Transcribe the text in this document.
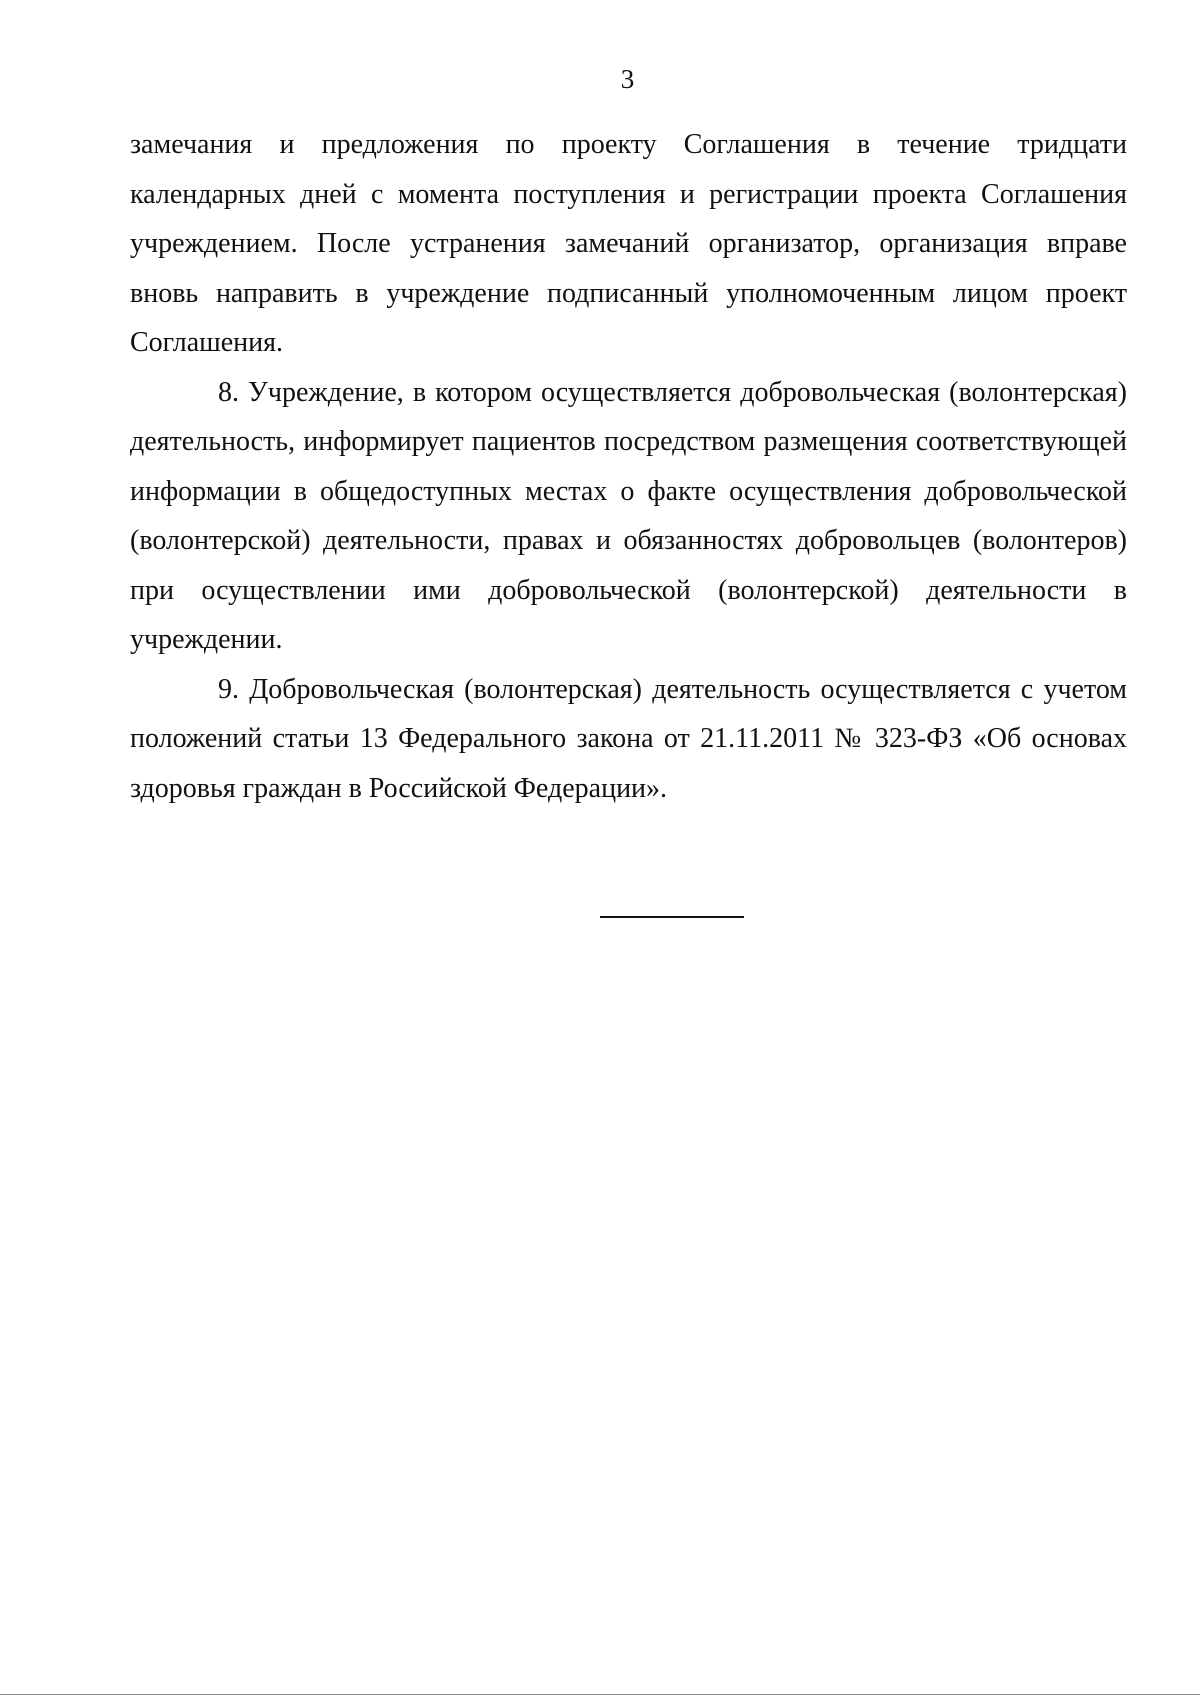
3

замечания и предложения по проекту Соглашения в течение тридцати календарных дней с момента поступления и регистрации проекта Соглашения учреждением. После устранения замечаний организатор, организация вправе вновь направить в учреждение подписанный уполномоченным лицом проект Соглашения.

8. Учреждение, в котором осуществляется добровольческая (волонтерская) деятельность, информирует пациентов посредством размещения соответствующей информации в общедоступных местах о факте осуществления добровольческой (волонтерской) деятельности, правах и обязанностях добровольцев (волонтеров) при осуществлении ими добровольческой (волонтерской) деятельности в учреждении.

9. Добровольческая (волонтерская) деятельность осуществляется с учетом положений статьи 13 Федерального закона от 21.11.2011 № 323-ФЗ «Об основах здоровья граждан в Российской Федерации».
